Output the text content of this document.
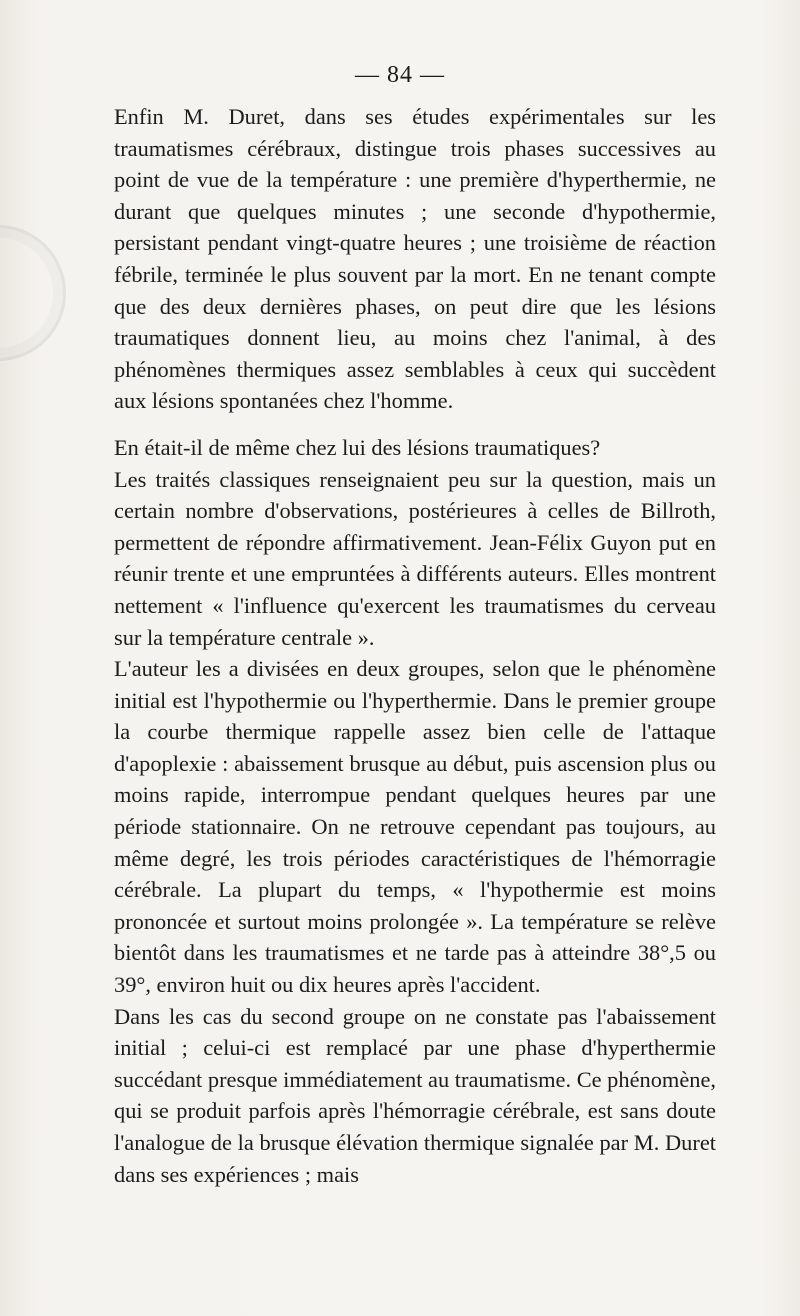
— 84 —

Enfin M. Duret, dans ses études expérimentales sur les traumatismes cérébraux, distingue trois phases successives au point de vue de la température : une première d'hyperthermie, ne durant que quelques minutes ; une seconde d'hypothermie, persistant pendant vingt-quatre heures ; une troisième de réaction fébrile, terminée le plus souvent par la mort. En ne tenant compte que des deux dernières phases, on peut dire que les lésions traumatiques donnent lieu, au moins chez l'animal, à des phénomènes thermiques assez semblables à ceux qui succèdent aux lésions spontanées chez l'homme.

En était-il de même chez lui des lésions traumatiques?

Les traités classiques renseignaient peu sur la question, mais un certain nombre d'observations, postérieures à celles de Billroth, permettent de répondre affirmativement. Jean-Félix Guyon put en réunir trente et une empruntées à différents auteurs. Elles montrent nettement « l'influence qu'exercent les traumatismes du cerveau sur la température centrale ».

L'auteur les a divisées en deux groupes, selon que le phénomène initial est l'hypothermie ou l'hyperthermie. Dans le premier groupe la courbe thermique rappelle assez bien celle de l'attaque d'apoplexie : abaissement brusque au début, puis ascension plus ou moins rapide, interrompue pendant quelques heures par une période stationnaire. On ne retrouve cependant pas toujours, au même degré, les trois périodes caractéristiques de l'hémorragie cérébrale. La plupart du temps, « l'hypothermie est moins prononcée et surtout moins prolongée ». La température se relève bientôt dans les traumatismes et ne tarde pas à atteindre 38°,5 ou 39°, environ huit ou dix heures après l'accident.

Dans les cas du second groupe on ne constate pas l'abaissement initial ; celui-ci est remplacé par une phase d'hyperthermie succédant presque immédiatement au traumatisme. Ce phénomène, qui se produit parfois après l'hémorragie cérébrale, est sans doute l'analogue de la brusque élévation thermique signalée par M. Duret dans ses expériences ; mais
